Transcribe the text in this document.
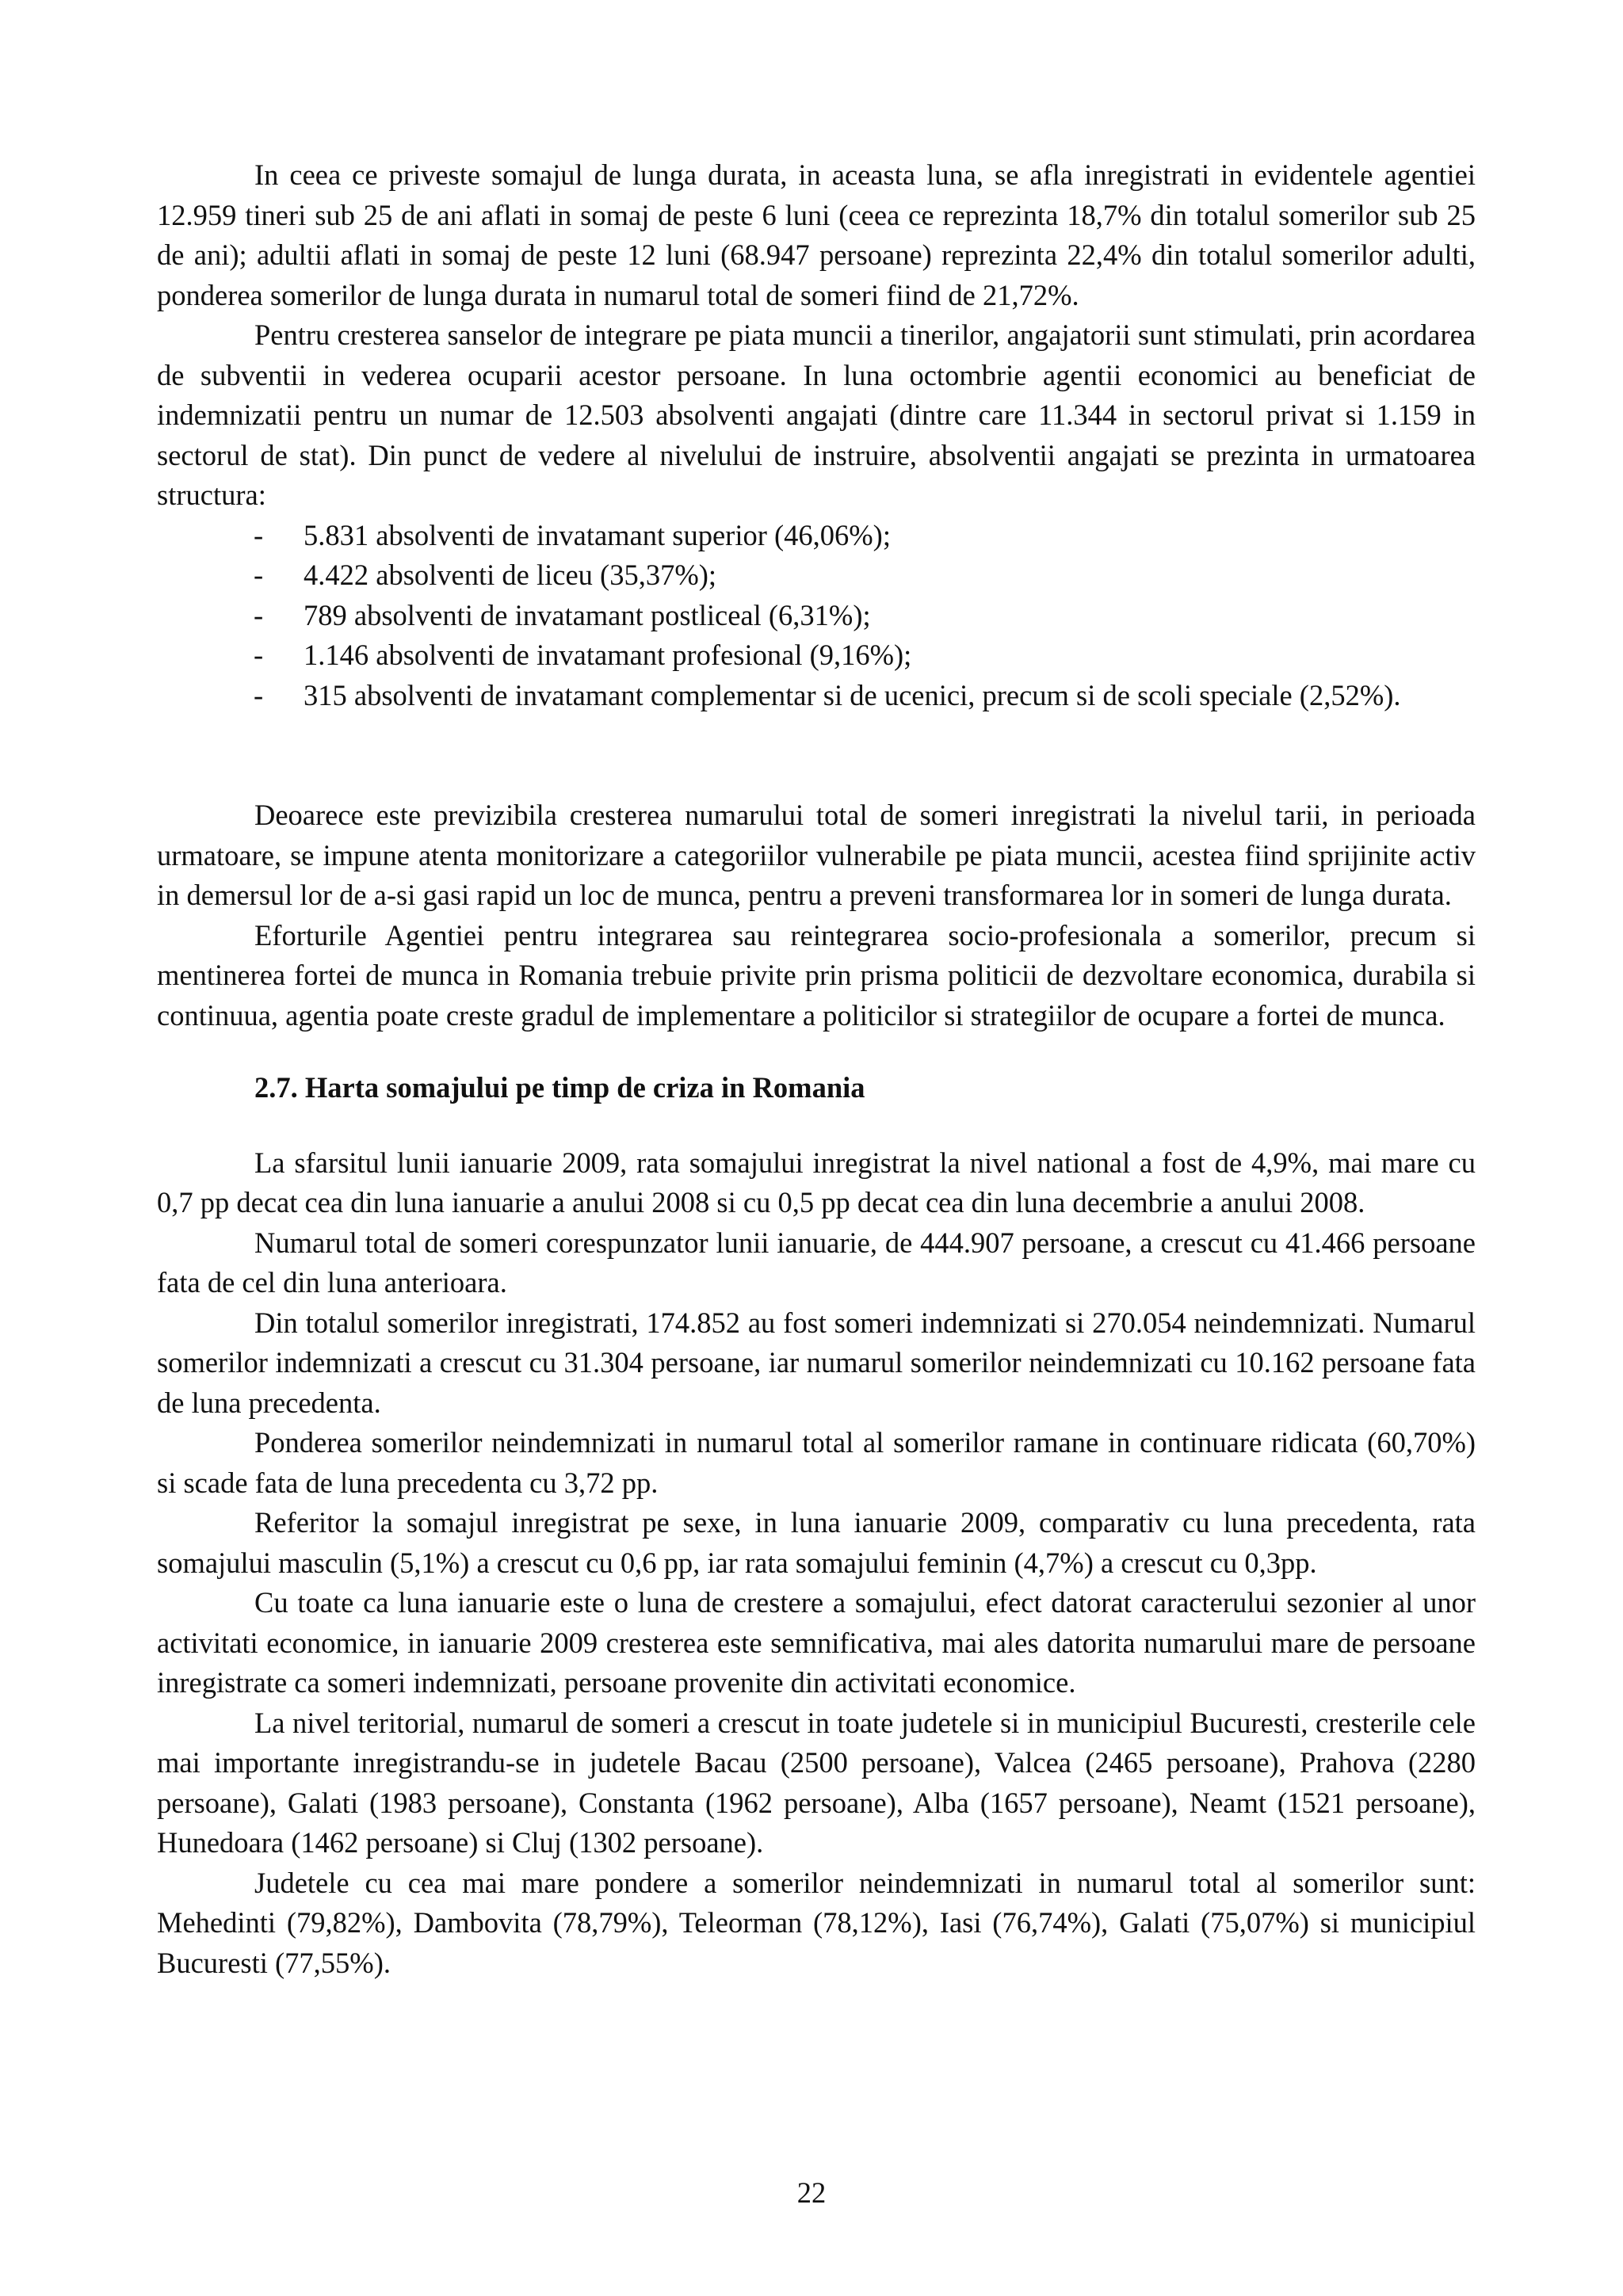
In ceea ce priveste somajul de lunga durata, in aceasta luna, se afla inregistrati in evidentele agentiei 12.959 tineri sub 25 de ani aflati in somaj de peste 6 luni (ceea ce reprezinta 18,7% din totalul somerilor sub 25 de ani); adultii aflati in somaj de peste 12 luni (68.947 persoane) reprezinta 22,4% din totalul somerilor adulti, ponderea somerilor de lunga durata in numarul total de someri fiind de 21,72%.

Pentru cresterea sanselor de integrare pe piata muncii a tinerilor, angajatorii sunt stimulati, prin acordarea de subventii in vederea ocuparii acestor persoane. In luna octombrie agentii economici au beneficiat de indemnizatii pentru un numar de 12.503 absolventi angajati (dintre care 11.344 in sectorul privat si 1.159 in sectorul de stat). Din punct de vedere al nivelului de instruire, absolventii angajati se prezinta in urmatoarea structura:

- 5.831 absolventi de invatamant superior (46,06%);
- 4.422 absolventi de liceu (35,37%);
- 789 absolventi de invatamant postliceal (6,31%);
- 1.146 absolventi de invatamant profesional (9,16%);
- 315 absolventi de invatamant complementar si de ucenici, precum si de scoli speciale (2,52%).

Deoarece este previzibila cresterea numarului total de someri inregistrati la nivelul tarii, in perioada urmatoare, se impune atenta monitorizare a categoriilor vulnerabile pe piata muncii, acestea fiind sprijinite activ in demersul lor de a-si gasi rapid un loc de munca, pentru a preveni transformarea lor in someri de lunga durata.

Eforturile Agentiei pentru integrarea sau reintegrarea socio-profesionala a somerilor, precum si mentinerea fortei de munca in Romania trebuie privite prin prisma politicii de dezvoltare economica, durabila si continuua, agentia poate creste gradul de implementare a politicilor si strategiilor de ocupare a fortei de munca.

2.7. Harta somajului pe timp de criza in Romania

La sfarsitul lunii ianuarie 2009, rata somajului inregistrat la nivel national a fost de 4,9%, mai mare cu 0,7 pp decat cea din luna ianuarie a anului 2008 si cu 0,5 pp decat cea din luna decembrie a anului 2008.

Numarul total de someri corespunzator lunii ianuarie, de 444.907 persoane, a crescut cu 41.466 persoane fata de cel din luna anterioara.

Din totalul somerilor inregistrati, 174.852 au fost someri indemnizati si 270.054 neindemnizati. Numarul somerilor indemnizati a crescut cu 31.304 persoane, iar numarul somerilor neindemnizati cu 10.162 persoane fata de luna precedenta.

Ponderea somerilor neindemnizati in numarul total al somerilor ramane in continuare ridicata (60,70%) si scade fata de luna precedenta cu 3,72 pp.

Referitor la somajul inregistrat pe sexe, in luna ianuarie 2009, comparativ cu luna precedenta, rata somajului masculin (5,1%) a crescut cu 0,6 pp, iar rata somajului feminin (4,7%) a crescut cu 0,3pp.

Cu toate ca luna ianuarie este o luna de crestere a somajului, efect datorat caracterului sezonier al unor activitati economice, in ianuarie 2009 cresterea este semnificativa, mai ales datorita numarului mare de persoane inregistrate ca someri indemnizati, persoane provenite din activitati economice.

La nivel teritorial, numarul de someri a crescut in toate judetele si in municipiul Bucuresti, cresterile cele mai importante inregistrandu-se in judetele Bacau (2500 persoane), Valcea (2465 persoane), Prahova (2280 persoane), Galati (1983 persoane), Constanta (1962 persoane), Alba (1657 persoane), Neamt (1521 persoane), Hunedoara (1462 persoane) si Cluj (1302 persoane).

Judetele cu cea mai mare pondere a somerilor neindemnizati in numarul total al somerilor sunt: Mehedinti (79,82%), Dambovita (78,79%), Teleorman (78,12%), Iasi (76,74%), Galati (75,07%) si municipiul Bucuresti (77,55%).

22
